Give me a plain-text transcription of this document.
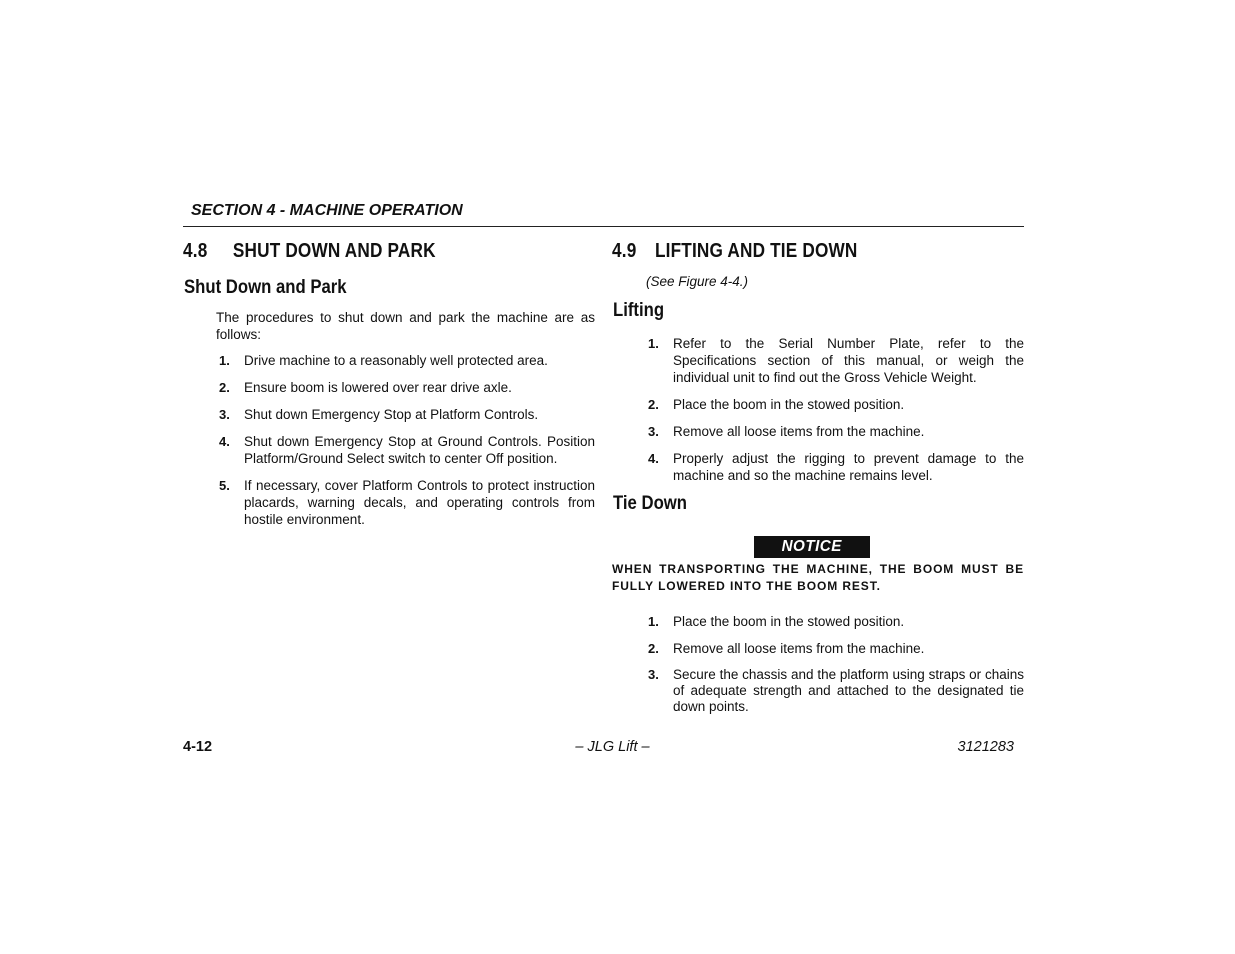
SECTION 4 - MACHINE OPERATION
4.8 SHUT DOWN AND PARK
Shut Down and Park
The procedures to shut down and park the machine are as follows:
1. Drive machine to a reasonably well protected area.
2. Ensure boom is lowered over rear drive axle.
3. Shut down Emergency Stop at Platform Controls.
4. Shut down Emergency Stop at Ground Controls. Position Platform/Ground Select switch to center Off position.
5. If necessary, cover Platform Controls to protect instruction placards, warning decals, and operating controls from hostile environment.
4.9 LIFTING AND TIE DOWN
(See Figure 4-4.)
Lifting
1. Refer to the Serial Number Plate, refer to the Specifications section of this manual, or weigh the individual unit to find out the Gross Vehicle Weight.
2. Place the boom in the stowed position.
3. Remove all loose items from the machine.
4. Properly adjust the rigging to prevent damage to the machine and so the machine remains level.
Tie Down
NOTICE
WHEN TRANSPORTING THE MACHINE, THE BOOM MUST BE FULLY LOWERED INTO THE BOOM REST.
1. Place the boom in the stowed position.
2. Remove all loose items from the machine.
3. Secure the chassis and the platform using straps or chains of adequate strength and attached to the designated tie down points.
4-12	– JLG Lift –	3121283
